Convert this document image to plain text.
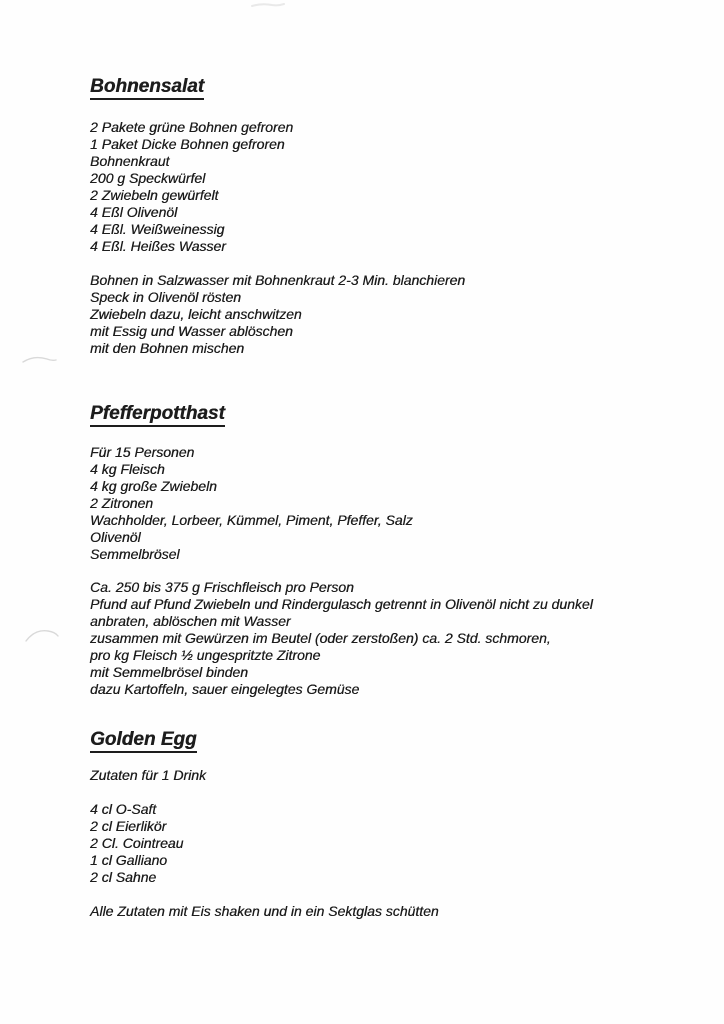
Bohnensalat
2 Pakete grüne Bohnen gefroren
1 Paket Dicke Bohnen gefroren
Bohnenkraut
200 g Speckwürfel
2 Zwiebeln gewürfelt
4 Eßl Olivenöl
4 Eßl. Weißweinessig
4 Eßl. Heißes Wasser
Bohnen in Salzwasser mit Bohnenkraut 2-3 Min. blanchieren
Speck in Olivenöl rösten
Zwiebeln dazu, leicht anschwitzen
mit Essig und Wasser ablöschen
mit den Bohnen mischen
Pfefferpotthast
Für 15 Personen
4 kg Fleisch
4 kg große Zwiebeln
2 Zitronen
Wachholder, Lorbeer, Kümmel, Piment, Pfeffer, Salz
Olivenöl
Semmelbrösel
Ca. 250 bis 375 g Frischfleisch pro Person
Pfund auf Pfund Zwiebeln und Rindergulasch getrennt in Olivenöl nicht zu dunkel
anbraten, ablöschen mit Wasser
zusammen mit Gewürzen im Beutel (oder zerstoßen) ca. 2 Std. schmoren,
pro kg Fleisch ½ ungespritzte Zitrone
mit Semmelbrösel binden
dazu Kartoffeln, sauer eingelegtes Gemüse
Golden Egg
Zutaten für 1 Drink
4 cl O-Saft
2 cl Eierlikör
2 Cl. Cointreau
1 cl Galliano
2 cl Sahne
Alle Zutaten mit Eis shaken und in ein Sektglas schütten
